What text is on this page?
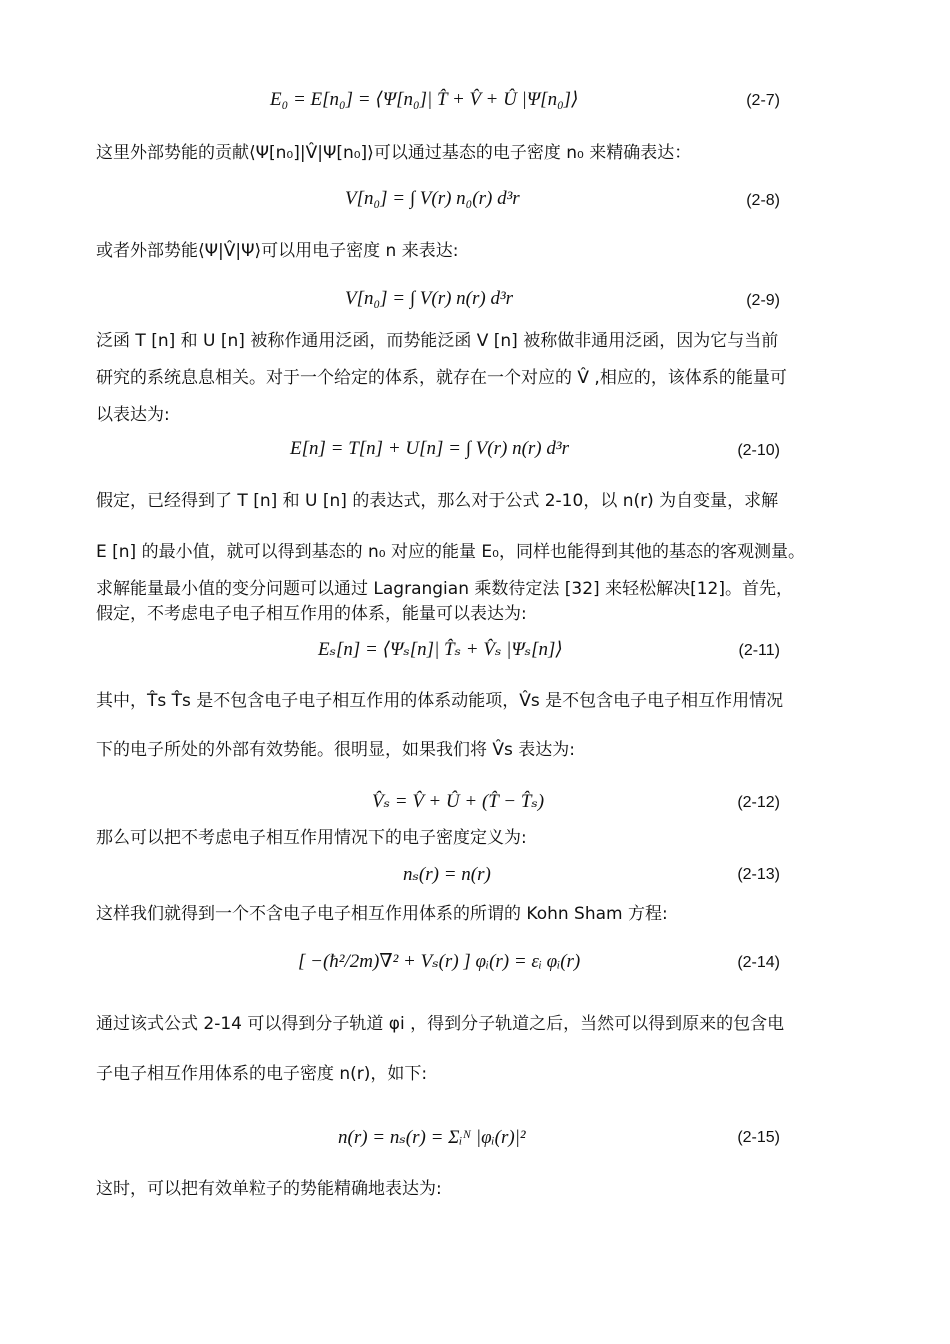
E₀ = E[n₀] = ⟨Ψ[n₀]| T̂ + V̂ + Û |Ψ[n₀]⟩	(2-7)
这里外部势能的贡献⟨Ψ[n₀]|V̂|Ψ[n₀]⟩可以通过基态的电子密度 n₀ 来精确表达：
V[n₀] = ∫ V(r) n₀(r) d³r	(2-8)
或者外部势能⟨Ψ|V̂|Ψ⟩可以用电子密度 n 来表达:
V[n₀] = ∫ V(r) n(r) d³r	(2-9)
泛函 T [n] 和 U [n] 被称作通用泛函，而势能泛函 V [n] 被称做非通用泛函，因为它与当前
研究的系统息息相关。对于一个给定的体系，就存在一个对应的 V̂ ,相应的，该体系的能量可
以表达为:
E[n] = T[n] + U[n] = ∫ V(r) n(r) d³r	(2-10)
假定，已经得到了 T [n] 和 U [n] 的表达式，那么对于公式 2-10，以 n(r) 为自变量，求解
E [n] 的最小值，就可以得到基态的 n₀ 对应的能量 E₀，同样也能得到其他的基态的客观测量。
求解能量最小值的变分问题可以通过 Lagrangian 乘数待定法 [32] 来轻松解决[12]。首先，
假定，不考虑电子电子相互作用的体系，能量可以表达为:
Eₛ[n] = ⟨Ψₛ[n]| T̂ₛ + V̂ₛ |Ψₛ[n]⟩	(2-11)
其中，T̂s T̂s 是不包含电子电子相互作用的体系动能项，V̂s 是不包含电子电子相互作用情况
下的电子所处的外部有效势能。很明显，如果我们将 V̂s 表达为:
V̂ₛ = V̂ + Û + (T̂ − T̂ₛ)	(2-12)
那么可以把不考虑电子相互作用情况下的电子密度定义为:
nₛ(r) = n(r)	(2-13)
这样我们就得到一个不含电子电子相互作用体系的所谓的 Kohn Sham 方程:
[ −(ħ²/2m)∇² + Vₛ(r) ] φᵢ(r) = εᵢ φᵢ(r)	(2-14)
通过该式公式 2-14 可以得到分子轨道 φi ，得到分子轨道之后，当然可以得到原来的包含电
子电子相互作用体系的电子密度 n(r)，如下:
n(r) = nₛ(r) = Σᵢᴺ |φᵢ(r)|²	(2-15)
这时，可以把有效单粒子的势能精确地表达为:
